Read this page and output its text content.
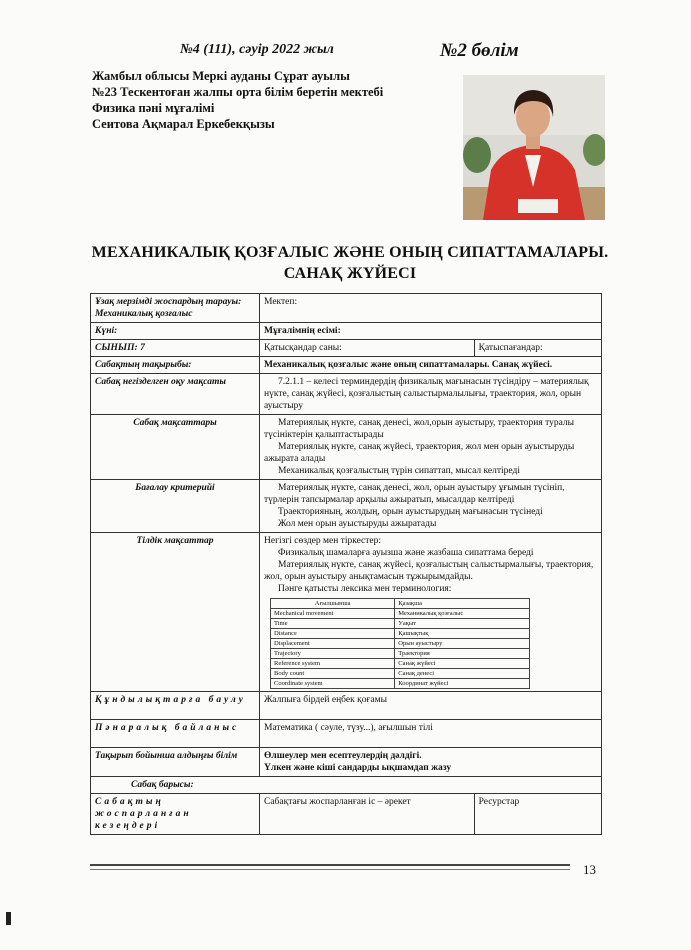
№4 (111), сәуір 2022 жыл	№2 бөлім
Жамбыл облысы Меркі ауданы Сұрат ауылы
№23 Тескентоған жалпы орта білім беретін мектебі
Физика пәні мұғалімі
Сеитова Ақмарал Еркебекқызы
МЕХАНИКАЛЫҚ ҚОЗҒАЛЫС ЖӘНЕ ОНЫҢ СИПАТТАМАЛАРЫ.
САНАҚ ЖҮЙЕСІ
Ұзақ мерзімді жоспардың тарауы: Механикалық қозғалыс	Мектеп:
Күні:	Мұғалімнің есімі:
СЫНЫП: 7	Қатысқандар саны:	Қатыспағандар:
Сабақтың тақырыбы:	Механикалық қозғалыс және оның сипаттамалары. Санақ жүйесі.
Сабақ негізделген оқу мақсаты	7.2.1.1 – келесі терминдердің физикалық мағынасын түсіндіру – материялық нүкте, санақ жүйесі, қозғалыстың салыстырмалылығы, траектория, жол, орын ауыстыру
Сабақ мақсаттары	Материялық нүкте, санақ денесі, жол,орын ауыстыру, траектория туралы түсініктерін қалыптастырады
Материялық нүкте, санақ жүйесі, траектория, жол мен орын ауыстыруды ажырата алады
Механикалық қозғалыстың түрін сипаттап, мысал келтіреді

Бағалау критерийі	Материялық нүкте, санақ денесі, жол, орын ауыстыру ұғымын түсініп, түрлерін тапсырмалар арқылы ажыратып, мысалдар келтіреді
Траекторияның, жолдың, орын ауыстырудың мағынасын түсінеді
Жол мен орын ауыстыруды ажыратады

Тілдік мақсаттар	Негізгі сөздер мен тіркестер:
Физикалық шамаларға ауызша және жазбаша сипаттама береді
Материялық нүкте, санақ жүйесі, қозғалыстың салыстырмалығы, траектория, жол, орын ауыстыру анықтамасын тұжырымдайды.
Пәнге қатысты лексика мен терминология:
Ағылшынша	Қазақша
Mechanical movement	Механикалық қозғалыс
Time	Уақыт
Distance	Қашықтық
Displacement	Орын ауыстыру
Trajectory	Траектория
Reference system	Санақ жүйесі
Body count	Санақ денесі
Coordinate system	Координат жүйесі

Құндылықтарға баулу	Жалпыға бірдей еңбек қоғамы
Пәнаралық байланыс	Математика ( сәуле, түзу...), ағылшын тілі
Тақырып бойынша алдыңғы білім	Өлшеулер мен есептеулердің дәлдігі.
Үлкен және кіші сандарды ықшамдап жазу

Сабақ барысы:
Сабақтың жоспарланған кезеңдері	Сабақтағы жоспарланған іс – әрекет	Ресурстар
13
